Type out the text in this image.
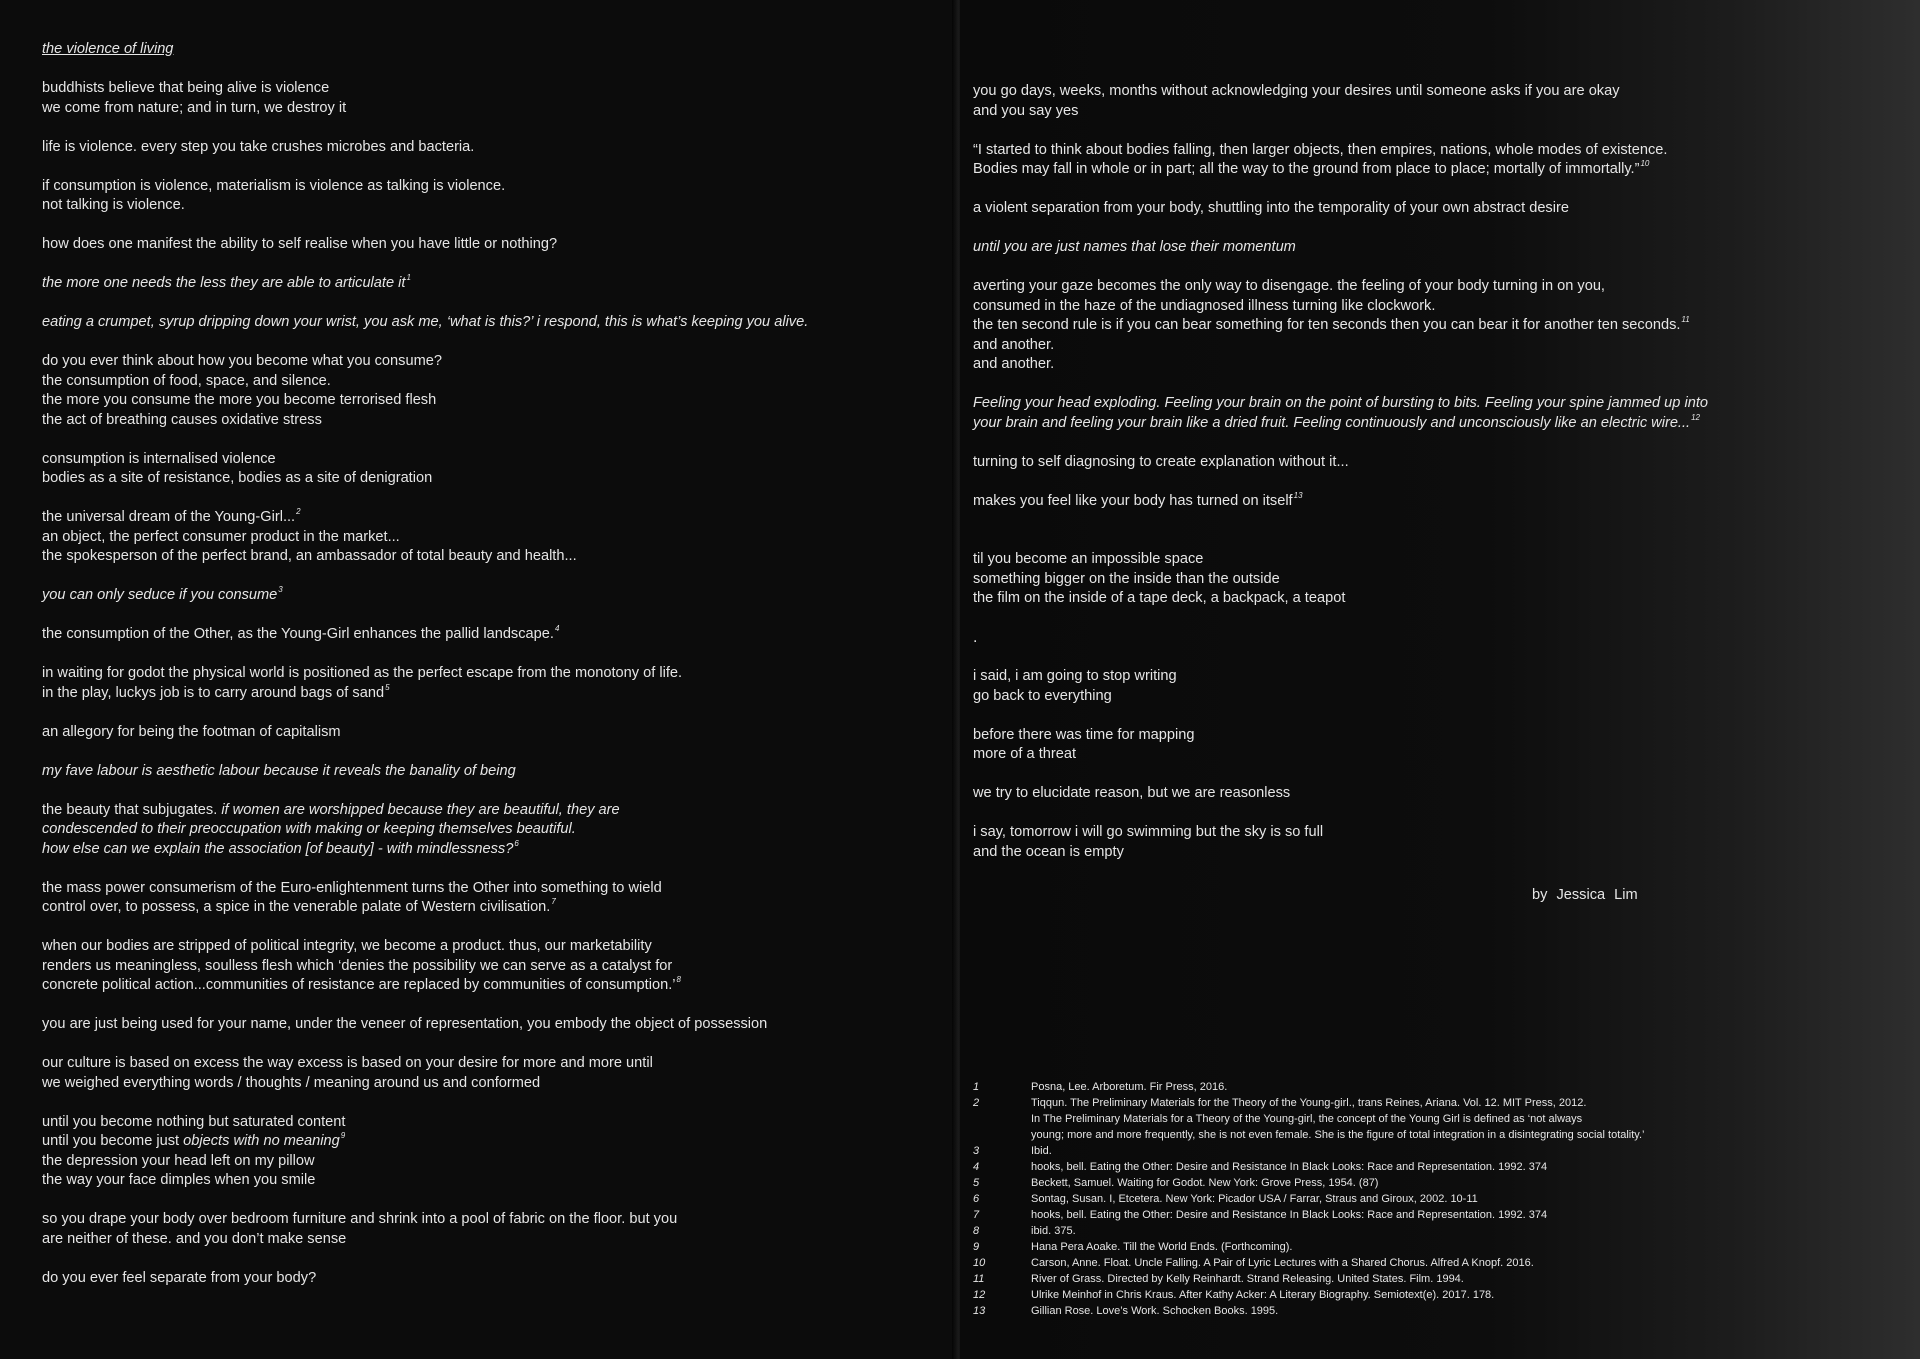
the violence of living
buddhists believe that being alive is violence
we come from nature; and in turn, we destroy it
life is violence. every step you take crushes microbes and bacteria.
if consumption is violence, materialism is violence as talking is violence.
not talking is violence.
how does one manifest the ability to self realise when you have little or nothing?
the more one needs the less they are able to articulate $it^1$
eating a crumpet, syrup dripping down your wrist, you ask me, ‘what is this?’ i respond, this is what’s keeping you alive.
do you ever think about how you become what you consume?
the consumption of food, space, and silence.
the more you consume the more you become terrorised flesh
the act of breathing causes oxidative stress
consumption is internalised violence
bodies as a site of resistance, bodies as a site of denigration
the universal dream of the Young-Girl...$^2$
an object, the perfect consumer product in the market...
the spokesperson of the perfect brand, an ambassador of total beauty and health...
you can only seduce if you consume$^3$
the consumption of the Other, as the Young-Girl enhances the pallid landscape.$^4$
in waiting for godot the physical world is positioned as the perfect escape from the monotony of life.
in the play, luckys job is to carry around bags of sand$^5$
an allegory for being the footman of capitalism
my fave labour is aesthetic labour because it reveals the banality of being
the beauty that subjugates. if women are worshipped because they are beautiful, they are
condescended to their preoccupation with making or keeping themselves beautiful.
how else can we explain the association [of beauty] - with mindlessness?$^6$
the mass power consumerism of the Euro-enlightenment turns the Other into something to wield
control over, to possess, a spice in the venerable palate of Western civilisation.$^7$
when our bodies are stripped of political integrity, we become a product. thus, our marketability
renders us meaningless, soulless flesh which ‘denies the possibility we can serve as a catalyst for
concrete political action...communities of resistance are replaced by communities of consumption.’$^8$
you are just being used for your name, under the veneer of representation, you embody the object of possession
our culture is based on excess the way excess is based on your desire for more and more until
we weighed everything words / thoughts / meaning around us and conformed
until you become nothing but saturated content
until you become just objects with no meaning$^9$
the depression your head left on my pillow
the way your face dimples when you smile
so you drape your body over bedroom furniture and shrink into a pool of fabric on the floor. but you
are neither of these. and you don’t make sense
do you ever feel separate from your body?
you go days, weeks, months without acknowledging your desires until someone asks if you are okay
and you say yes
“I started to think about bodies falling, then larger objects, then empires, nations, whole modes of existence.
Bodies may fall in whole or in part; all the way to the ground from place to place; mortally of immortally.”$^{10}$
a violent separation from your body, shuttling into the temporality of your own abstract desire
until you are just names that lose their momentum
averting your gaze becomes the only way to disengage. the feeling of your body turning in on you,
consumed in the haze of the undiagnosed illness turning like clockwork.
the ten second rule is if you can bear something for ten seconds then you can bear it for another ten seconds.$^{11}$
and another.
and another.
Feeling your head exploding. Feeling your brain on the point of bursting to bits. Feeling your spine jammed up into
your brain and feeling your brain like a dried fruit. Feeling continuously and unconsciously like an electric wire...$^{12}$
turning to self diagnosing to create explanation without it...
makes you feel like your body has turned on itself$^{13}$
til you become an impossible space
something bigger on the inside than the outside
the film on the inside of a tape deck, a backpack, a teapot
.
i said, i am going to stop writing
go back to everything
before there was time for mapping
more of a threat
we try to elucidate reason, but we are reasonless
i say, tomorrow i will go swimming but the sky is so full
and the ocean is empty
by Jessica Lim
1	Posna, Lee. Arboretum. Fir Press, 2016.
2	Tiqqun. The Preliminary Materials for the Theory of the Young-girl., trans Reines, Ariana. Vol. 12. MIT Press, 2012.
In The Preliminary Materials for a Theory of the Young-girl, the concept of the Young Girl is defined as ‘not always
young; more and more frequently, she is not even female. She is the figure of total integration in a disintegrating social totality.’
3	Ibid.
4	hooks, bell. Eating the Other: Desire and Resistance In Black Looks: Race and Representation. 1992. 374
5	Beckett, Samuel. Waiting for Godot. New York: Grove Press, 1954. (87)
6	Sontag, Susan. I, Etcetera. New York: Picador USA / Farrar, Straus and Giroux, 2002. 10-11
7	hooks, bell. Eating the Other: Desire and Resistance In Black Looks: Race and Representation. 1992. 374
8	ibid. 375.
9	Hana Pera Aoake. Till the World Ends. (Forthcoming).
10	Carson, Anne. Float. Uncle Falling. A Pair of Lyric Lectures with a Shared Chorus. Alfred A Knopf. 2016.
11	River of Grass. Directed by Kelly Reinhardt. Strand Releasing. United States. Film. 1994.
12	Ulrike Meinhof in Chris Kraus. After Kathy Acker: A Literary Biography. Semiotext(e). 2017. 178.
13	Gillian Rose. Love’s Work. Schocken Books. 1995.
